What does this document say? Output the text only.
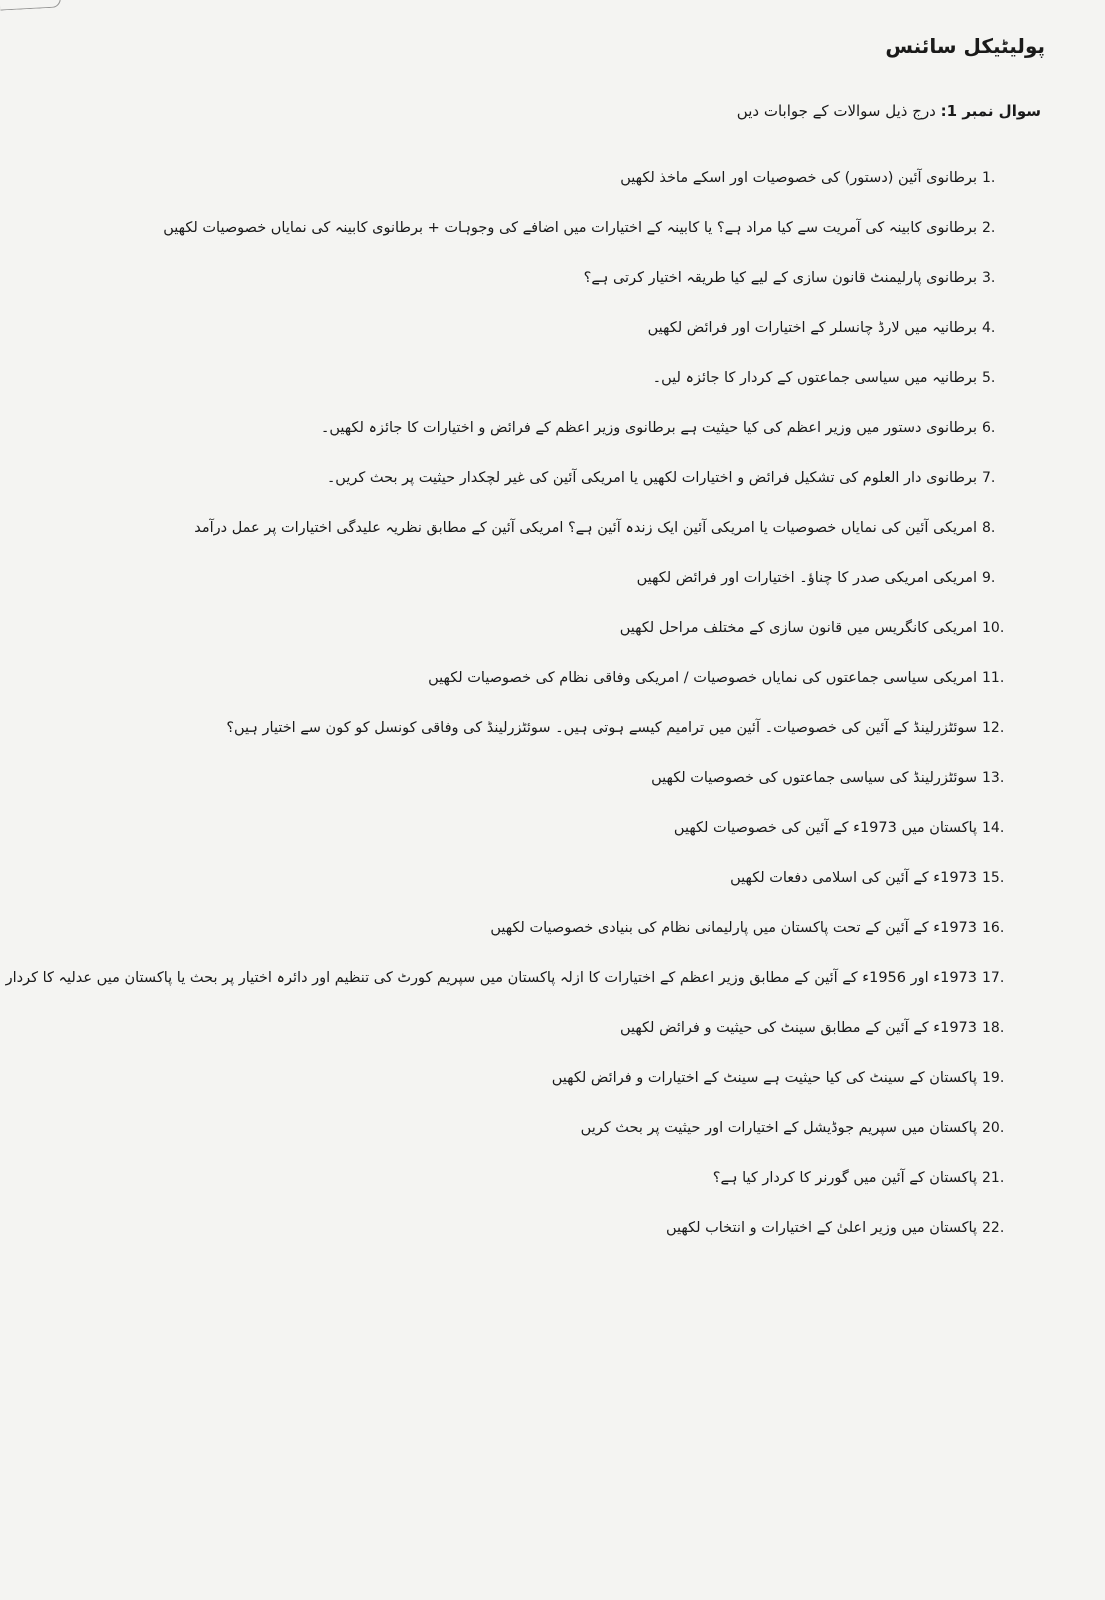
پولیٹیکل سائنس
سوال نمبر 1: درج ذیل سوالات کے جوابات دیں
1.
برطانوی آئین (دستور) کی خصوصیات اور اسکے ماخذ لکھیں
2.
برطانوی کابینہ کی آمریت سے کیا مراد ہے؟ یا کابینہ کے اختیارات میں اضافے کی وجوہات + برطانوی کابینہ کی نمایاں خصوصیات لکھیں
3.
برطانوی پارلیمنٹ قانون سازی کے لیے کیا طریقہ اختیار کرتی ہے؟
4.
برطانیہ میں لارڈ چانسلر کے اختیارات اور فرائض لکھیں
5.
برطانیہ میں سیاسی جماعتوں کے کردار کا جائزہ لیں۔
6.
برطانوی دستور میں وزیر اعظم کی کیا حیثیت ہے برطانوی وزیر اعظم کے فرائض و اختیارات کا جائزہ لکھیں۔
7.
برطانوی دار العلوم کی تشکیل فرائض و اختیارات لکھیں یا امریکی آئین کی غیر لچکدار حیثیت پر بحث کریں۔
8.
امریکی آئین کی نمایاں خصوصیات یا امریکی آئین ایک زندہ آئین ہے؟ امریکی آئین کے مطابق نظریہ علیدگی اختیارات پر عمل درآمد
9.
امریکی امریکی صدر کا چناؤ۔ اختیارات اور فرائض لکھیں
10.
امریکی کانگریس میں قانون سازی کے مختلف مراحل لکھیں
11.
امریکی سیاسی جماعتوں کی نمایاں خصوصیات / امریکی وفاقی نظام کی خصوصیات لکھیں
12.
سوئٹزرلینڈ کے آئین کی خصوصیات۔ آئین میں ترامیم کیسے ہوتی ہیں۔ سوئٹزرلینڈ کی وفاقی کونسل کو کون سے اختیار ہیں؟
13.
سوئٹزرلینڈ کی سیاسی جماعتوں کی خصوصیات لکھیں
14.
پاکستان میں 1973ء کے آئین کی خصوصیات لکھیں
15.
1973ء کے آئین کی اسلامی دفعات لکھیں
16.
1973ء کے آئین کے تحت پاکستان میں پارلیمانی نظام کی بنیادی خصوصیات لکھیں
17.
1973ء اور 1956ء کے آئین کے مطابق وزیر اعظم کے اختیارات کا ازلہ پاکستان میں سپریم کورٹ کی تنظیم اور دائرہ اختیار پر بحث یا پاکستان میں عدلیہ کا کردار
18.
1973ء کے آئین کے مطابق سینٹ کی حیثیت و فرائض لکھیں
19.
پاکستان کے سینٹ کی کیا حیثیت ہے سینٹ کے اختیارات و فرائض لکھیں
20.
پاکستان میں سپریم جوڈیشل کے اختیارات اور حیثیت پر بحث کریں
21.
پاکستان کے آئین میں گورنر کا کردار کیا ہے؟
22.
پاکستان میں وزیر اعلیٰ کے اختیارات و انتخاب لکھیں
